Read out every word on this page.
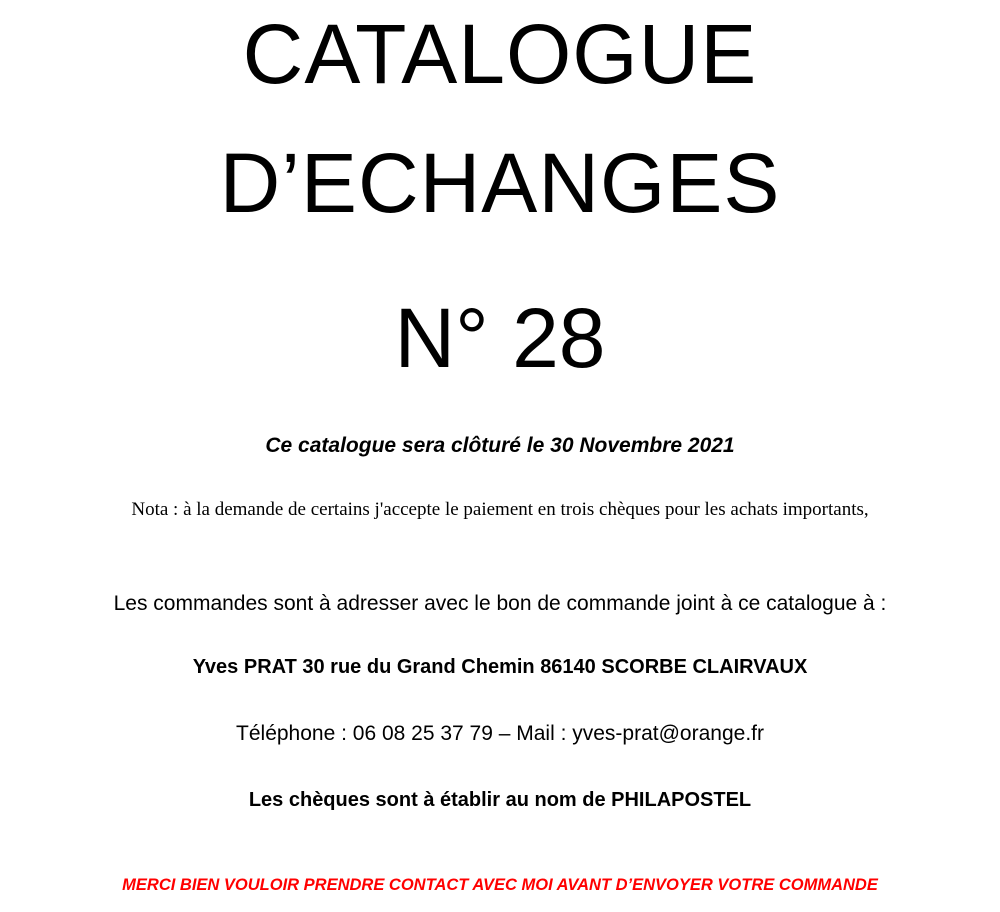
CATALOGUE
D’ECHANGES
N° 28
Ce catalogue sera clôturé le 30 Novembre 2021
Nota : à la demande de certains j'accepte le paiement en trois chèques pour les achats importants,
Les commandes sont à adresser avec le bon de commande joint à ce catalogue à :
Yves PRAT 30 rue du Grand Chemin 86140 SCORBE CLAIRVAUX
Téléphone : 06 08 25 37 79 – Mail : yves-prat@orange.fr
Les chèques sont à établir au nom de PHILAPOSTEL
MERCI BIEN VOULOIR PRENDRE CONTACT AVEC MOI AVANT D’ENVOYER VOTRE COMMANDE
